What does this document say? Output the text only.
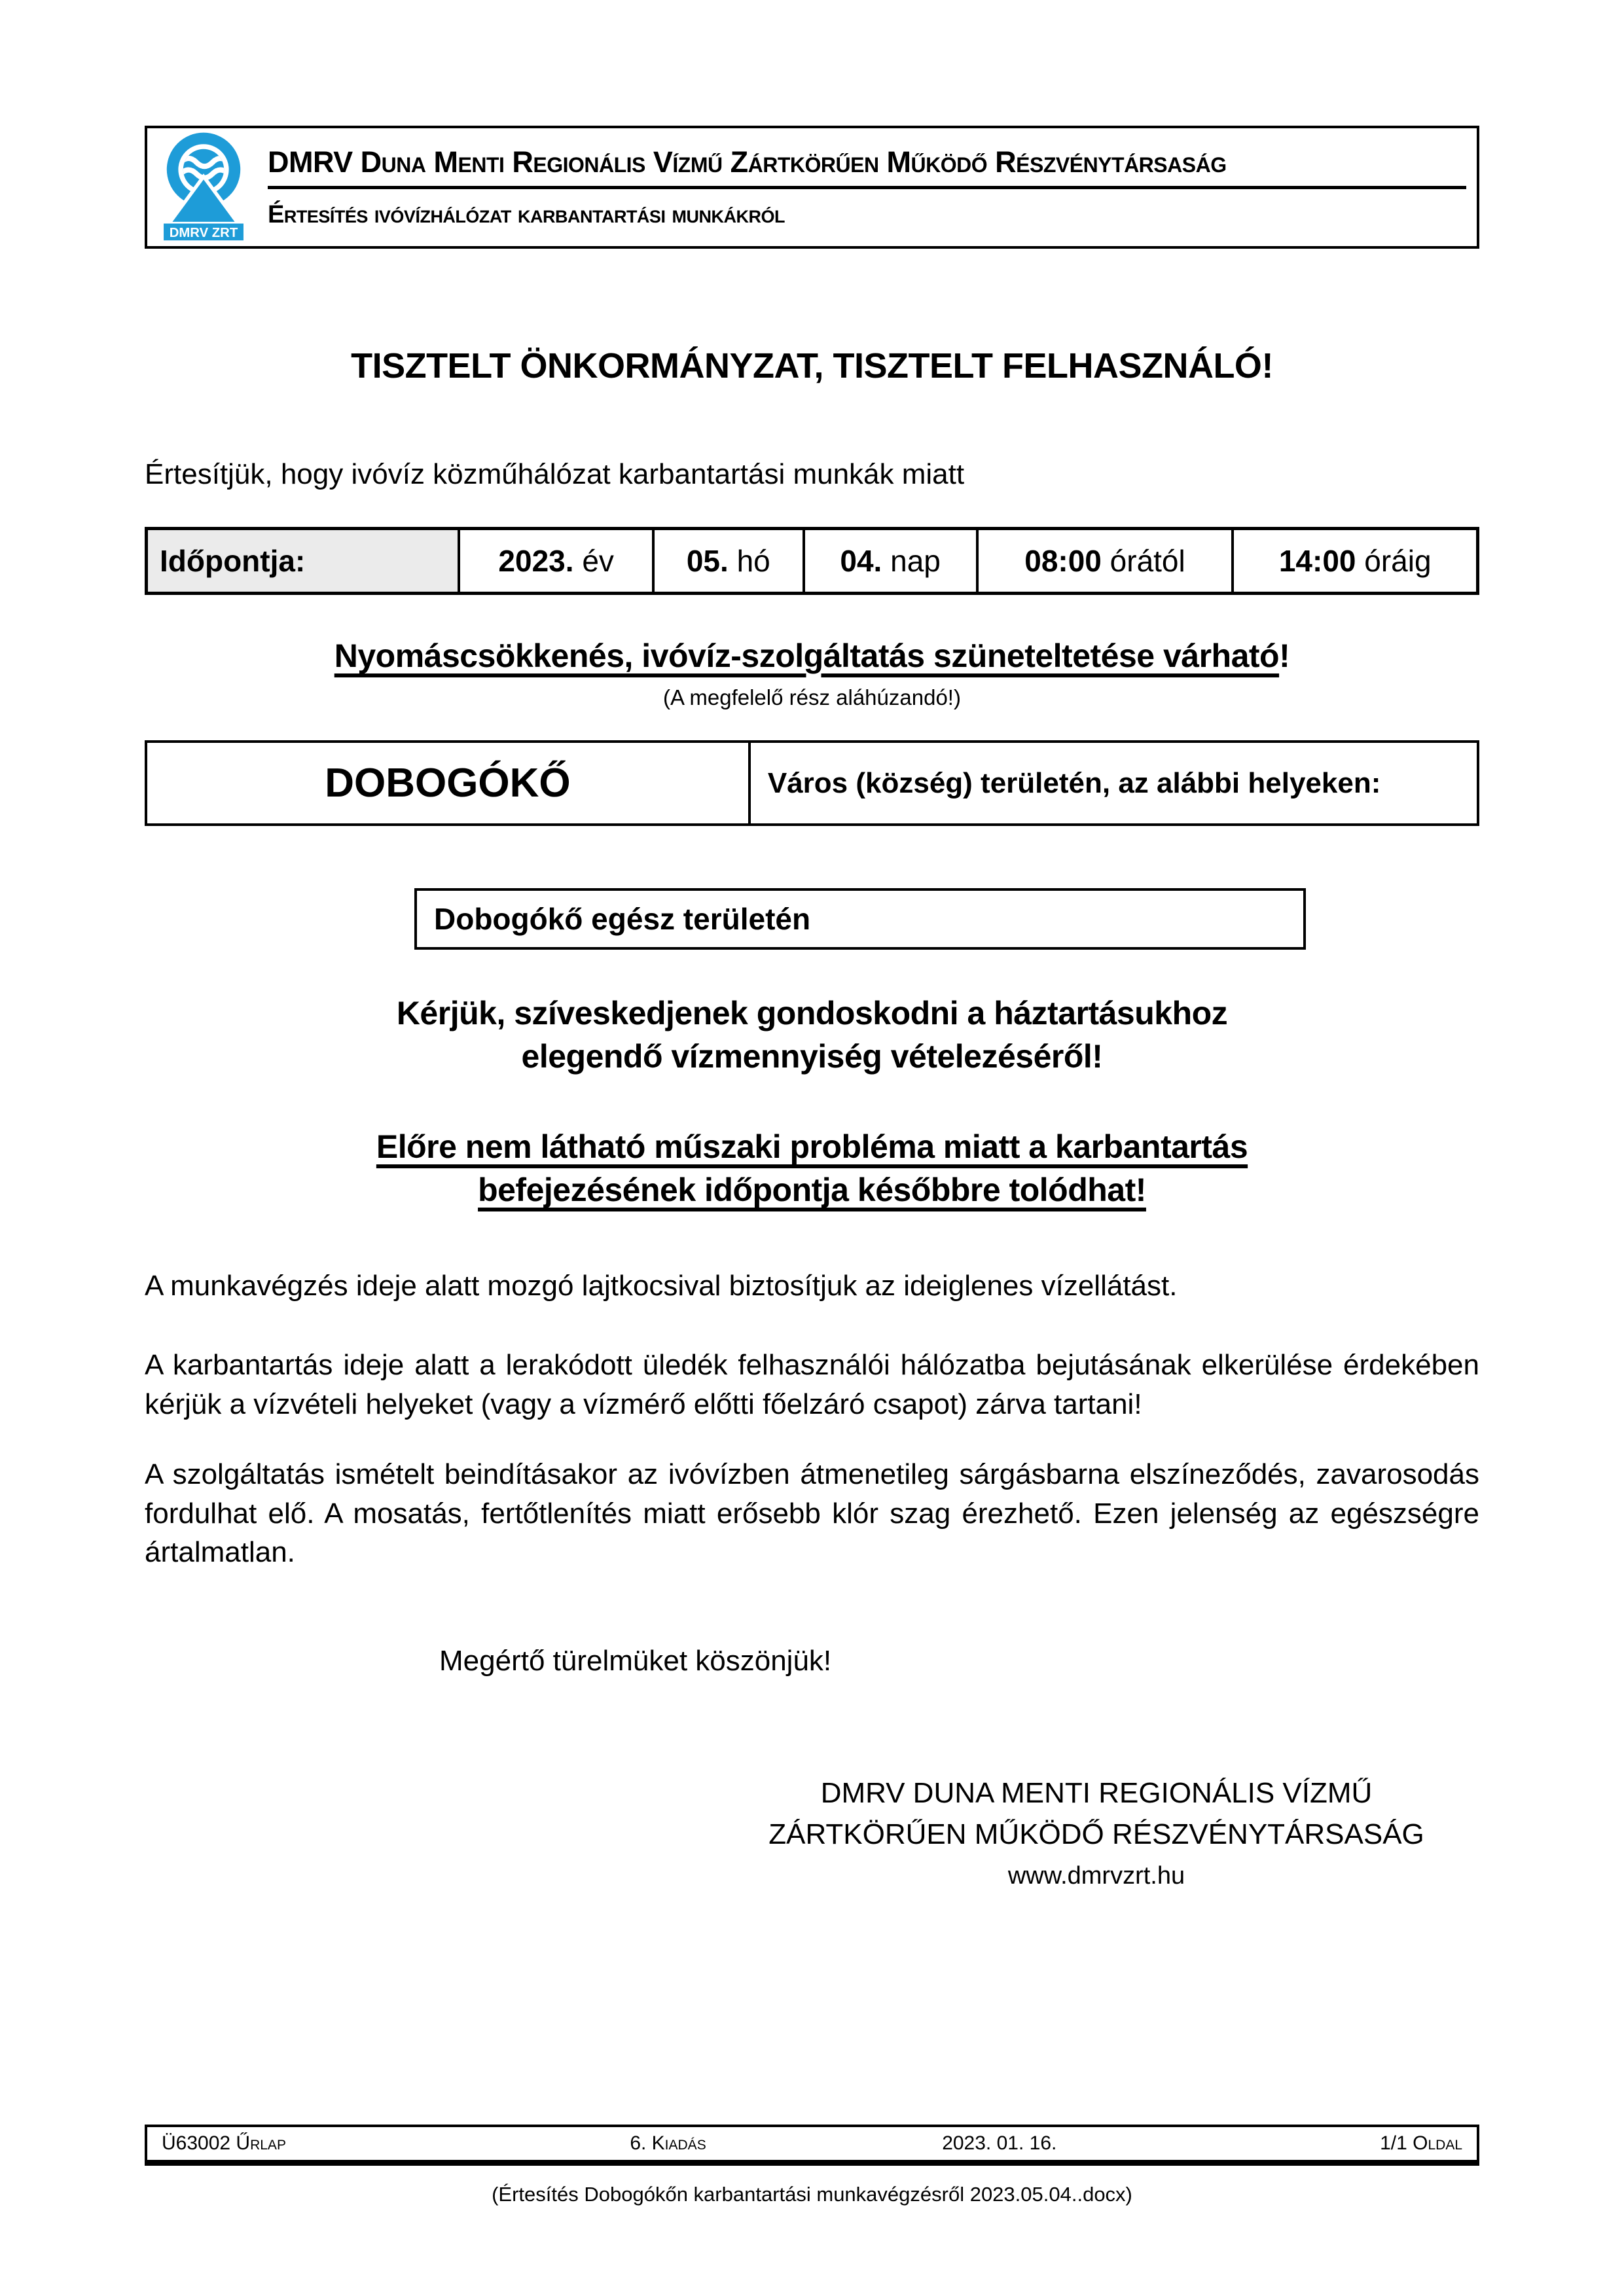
DMRV ZRT
DMRV Duna Menti Regionális Vízmű Zártkörűen Működő Részvénytársaság
Értesítés ivóvízhálózat karbantartási munkákról
TISZTELT ÖNKORMÁNYZAT, TISZTELT FELHASZNÁLÓ!
Értesítjük, hogy ivóvíz közműhálózat karbantartási munkák miatt
Időpontja:	2023. év	05. hó	04. nap	08:00 órától	14:00 óráig
Nyomáscsökkenés, ivóvíz-szolgáltatás szüneteltetése várható!
(A megfelelő rész aláhúzandó!)
DOBOGÓKŐ	Város (község) területén, az alábbi helyeken:
Dobogókő egész területén
Kérjük, szíveskedjenek gondoskodni a háztartásukhoz
elegendő vízmennyiség vételezéséről!
Előre nem látható műszaki probléma miatt a karbantartás
befejezésének időpontja későbbre tolódhat!

A munkavégzés ideje alatt mozgó lajtkocsival biztosítjuk az ideiglenes vízellátást.

A karbantartás ideje alatt a lerakódott üledék felhasználói hálózatba bejutásának elkerülése érdekében kérjük a vízvételi helyeket (vagy a vízmérő előtti főelzáró csapot) zárva tartani!

A szolgáltatás ismételt beindításakor az ivóvízben átmenetileg sárgásbarna elszíneződés, zavarosodás fordulhat elő. A mosatás, fertőtlenítés miatt erősebb klór szag érezhető. Ezen jelenség az egészségre ártalmatlan.

Megértő türelmüket köszönjük!

DMRV DUNA MENTI REGIONÁLIS VÍZMŰ
ZÁRTKÖRŰEN MŰKÖDŐ RÉSZVÉNYTÁRSASÁG
www.dmrvzrt.hu
Ü63002 Űrlap	6. Kiadás	2023. 01. 16.	1/1 Oldal
(Értesítés Dobogókőn karbantartási munkavégzésről 2023.05.04..docx)
